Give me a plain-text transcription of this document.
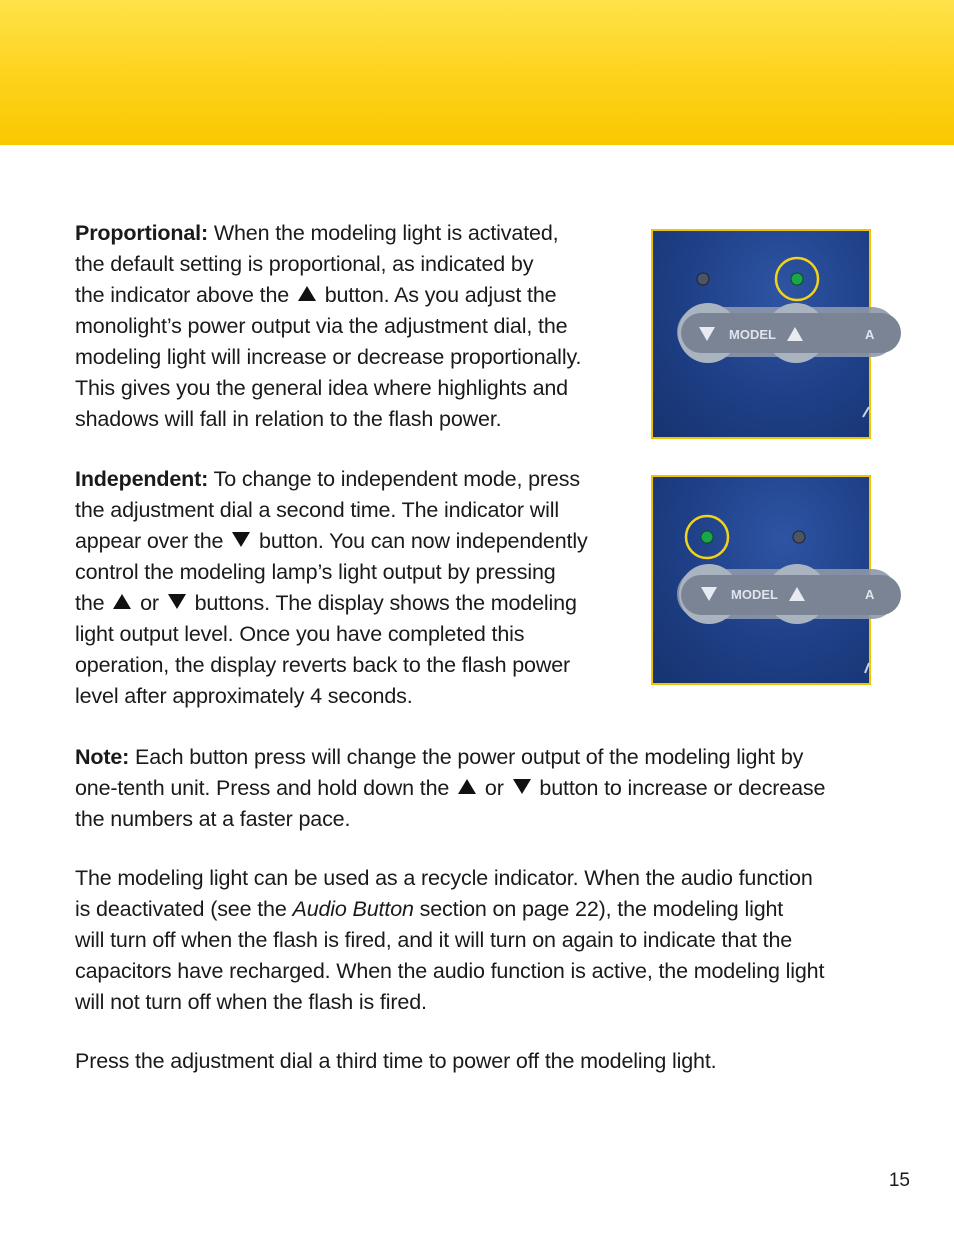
Proportional: When the modeling light is activated,
the default setting is proportional, as indicated by
the indicator above the button. As you adjust the
monolight’s power output via the adjustment dial, the
modeling light will increase or decrease proportionally.
This gives you the general idea where highlights and
shadows will fall in relation to the flash power.

Independent: To change to independent mode, press
the adjustment dial a second time. The indicator will
appear over the button. You can now independently
control the modeling lamp’s light output by pressing
the or buttons. The display shows the modeling
light output level. Once you have completed this
operation, the display reverts back to the flash power
level after approximately 4 seconds.

Note: Each button press will change the power output of the modeling light by
one-tenth unit. Press and hold down the or button to increase or decrease
the numbers at a faster pace.

The modeling light can be used as a recycle indicator. When the audio function
is deactivated (see the Audio Button section on page 22), the modeling light
will turn off when the flash is fired, and it will turn on again to indicate that the
capacitors have recharged. When the audio function is active, the modeling light
will not turn off when the flash is fired.

Press the adjustment dial a third time to power off the modeling light.

MODEL	A
MODEL	A
15
